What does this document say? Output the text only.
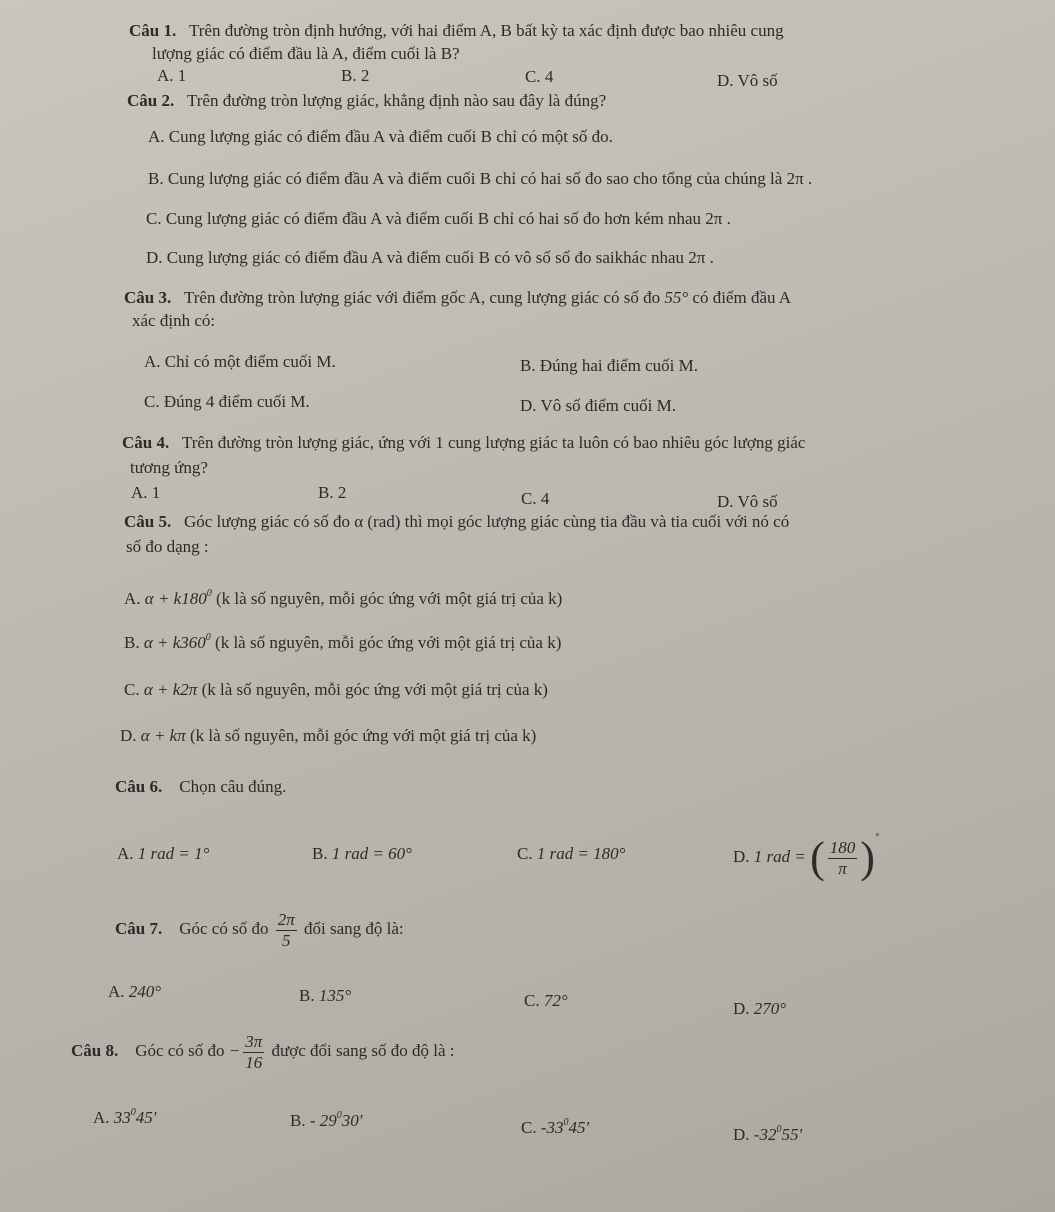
Câu 1. Trên đường tròn định hướng, với hai điểm A, B bất kỳ ta xác định được bao nhiêu cung
lượng giác có điểm đầu là A, điểm cuối là B?
A. 1	B. 2	C. 4	D. Vô số
Câu 2. Trên đường tròn lượng giác, khẳng định nào sau đây là đúng?
A. Cung lượng giác có điểm đầu A và điểm cuối B chỉ có một số đo.
B. Cung lượng giác có điểm đầu A và điểm cuối B chỉ có hai số đo sao cho tổng của chúng là 2π .
C. Cung lượng giác có điểm đầu A và điểm cuối B chỉ có hai số đo hơn kém nhau 2π .
D. Cung lượng giác có điểm đầu A và điểm cuối B có vô số số đo saikhác nhau 2π .
Câu 3. Trên đường tròn lượng giác với điểm gốc A, cung lượng giác có số đo 55° có điểm đầu A
xác định có:
A. Chỉ có một điểm cuối M.	B. Đúng hai điểm cuối M.
C. Đúng 4 điểm cuối M.	D. Vô số điểm cuối M.
Câu 4. Trên đường tròn lượng giác, ứng với 1 cung lượng giác ta luôn có bao nhiêu góc lượng giác
tương ứng?
A. 1	B. 2	C. 4	D. Vô số
Câu 5. Góc lượng giác có số đo α (rad) thì mọi góc lượng giác cùng tia đầu và tia cuối với nó có
số đo dạng :
A. $\alpha + k180^0$ (k là số nguyên, mỗi góc ứng với một giá trị của k)
B. $\alpha + k360^0$ (k là số nguyên, mỗi góc ứng với một giá trị của k)
C. α + k2π (k là số nguyên, mỗi góc ứng với một giá trị của k)
D. α + kπ (k là số nguyên, mỗi góc ứng với một giá trị của k)
Câu 6. Chọn câu đúng.
A. 1 rad = 1°	B. 1 rad = 60°	C. 1 rad = 180°	D. 1 rad = ( $\frac{180}{\pi} )^\circ$
Câu 7. Góc có số đo $\frac{2\pi}{5}$ đổi sang độ là:
A. 240°	B. 135°	C. 72°	D. 270°
Câu 8. Góc có số đo − $\frac{3\pi}{16}$ được đổi sang số đo độ là :
A. $33^045'$	B. - $29^030'$	C. $-33^045'$	D. $-32^055'$
